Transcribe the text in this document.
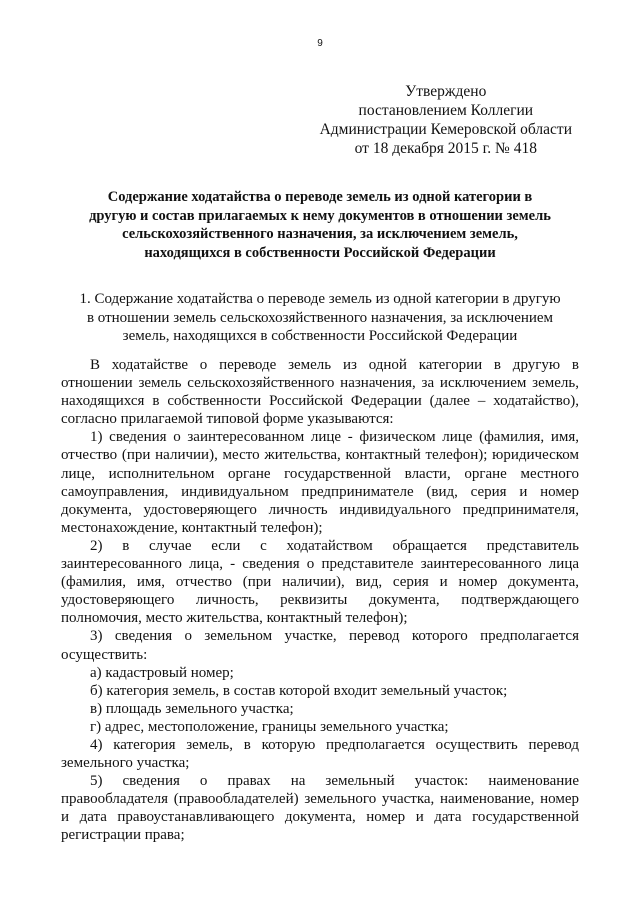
9
Утверждено
постановлением Коллегии
Администрации Кемеровской области
от 18 декабря 2015 г. № 418
Содержание ходатайства о переводе земель из одной категории в
другую и состав прилагаемых к нему документов в отношении земель
сельскохозяйственного назначения, за исключением земель,
находящихся в собственности Российской Федерации
1. Содержание ходатайства о переводе земель из одной категории в другую
в отношении земель сельскохозяйственного назначения, за исключением
земель, находящихся в собственности Российской Федерации
В ходатайстве о переводе земель из одной категории в другую в
отношении земель сельскохозяйственного назначения, за исключением земель,
находящихся в собственности Российской Федерации (далее – ходатайство),
согласно прилагаемой типовой форме указываются:
1) сведения о заинтересованном лице - физическом лице (фамилия, имя,
отчество (при наличии), место жительства, контактный телефон); юридическом
лице, исполнительном органе государственной власти, органе местного
самоуправления, индивидуальном предпринимателе (вид, серия и номер
документа, удостоверяющего личность индивидуального предпринимателя,
местонахождение, контактный телефон);
2) в случае если с ходатайством обращается представитель
заинтересованного лица, - сведения о представителе заинтересованного лица
(фамилия, имя, отчество (при наличии), вид, серия и номер документа,
удостоверяющего личность, реквизиты документа, подтверждающего
полномочия, место жительства, контактный телефон);
3) сведения о земельном участке, перевод которого предполагается
осуществить:
а) кадастровый номер;
б) категория земель, в состав которой входит земельный участок;
в) площадь земельного участка;
г) адрес, местоположение, границы земельного участка;
4) категория земель, в которую предполагается осуществить перевод
земельного участка;
5) сведения о правах на земельный участок: наименование
правообладателя (правообладателей) земельного участка, наименование, номер
и дата правоустанавливающего документа, номер и дата государственной
регистрации права;
